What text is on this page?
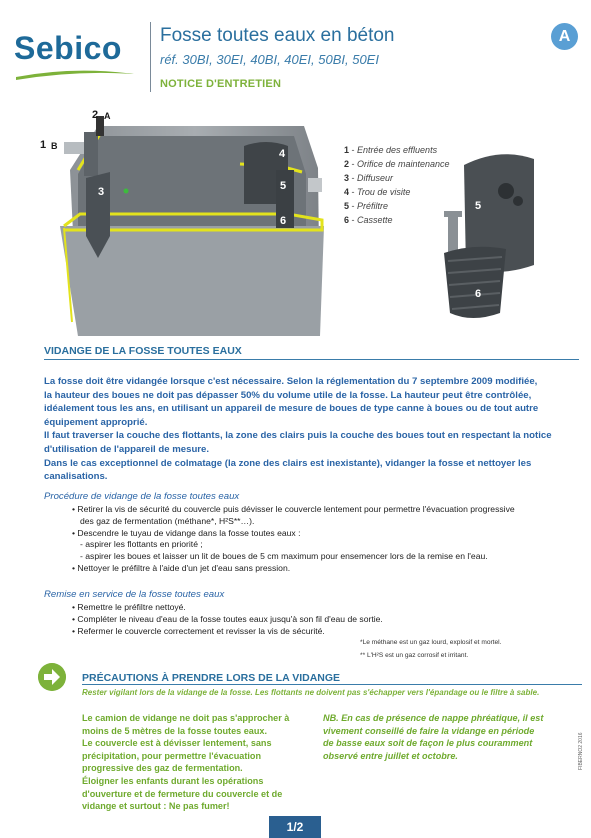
Sebico Fosse toutes eaux en béton
réf. 30BI, 30EI, 40BI, 40EI, 50BI, 50EI
NOTICE D'ENTRETIEN
A
1 B
2 A
3
4
5
6
1 - Entrée des effluents
2 - Orifice de maintenance
3 - Diffuseur
4 - Trou de visite
5 - Préfiltre
6 - Cassette
5
6
VIDANGE DE LA FOSSE TOUTES EAUX

La fosse doit être vidangée lorsque c'est nécessaire. Selon la réglementation du 7 septembre 2009 modifiée,

la hauteur des boues ne doit pas dépasser 50% du volume utile de la fosse. La hauteur peut être contrôlée,

idéalement tous les ans, en utilisant un appareil de mesure de boues de type canne à boues ou de tout autre

équipement approprié.

Il faut traverser la couche des flottants, la zone des clairs puis la couche des boues tout en respectant la notice

d'utilisation de l'appareil de mesure.

Dans le cas exceptionnel de colmatage (la zone des clairs est inexistante), vidanger la fosse et nettoyer les

canalisations.

Procédure de vidange de la fosse toutes eaux
• Retirer la vis de sécurité du couvercle puis dévisser le couvercle lentement pour permettre l'évacuation progressive
des gaz de fermentation (méthane*, H²S**…).
• Descendre le tuyau de vidange dans la fosse toutes eaux :
- aspirer les flottants en priorité ;
- aspirer les boues et laisser un lit de boues de 5 cm maximum pour ensemencer lors de la remise en l'eau.
• Nettoyer le préfiltre à l'aide d'un jet d'eau sans pression.
Remise en service de la fosse toutes eaux
• Remettre le préfiltre nettoyé.
• Compléter le niveau d'eau de la fosse toutes eaux jusqu'à son fil d'eau de sortie.
• Refermer le couvercle correctement et revisser la vis de sécurité.
*Le méthane est un gaz lourd, explosif et mortel.
** L'H²S est un gaz corrosif et irritant.
PRÉCAUTIONS À PRENDRE LORS DE LA VIDANGE
Rester vigilant lors de la vidange de la fosse. Les flottants ne doivent pas s'échapper vers l'épandage ou le filtre à sable.
Le camion de vidange ne doit pas s'approcher à
moins de 5 mètres de la fosse toutes eaux.
Le couvercle est à dévisser lentement, sans
précipitation, pour permettre l'évacuation
progressive des gaz de fermentation.
Éloigner les enfants durant les opérations
d'ouverture et de fermeture du couvercle et de
vidange et surtout : Ne pas fumer!
NB. En cas de présence de nappe phréatique, il est
vivement conseillé de faire la vidange en période
de basse eaux soit de façon le plus couramment
observé entre juillet et octobre.
1/2
FIBERNO2 2016
